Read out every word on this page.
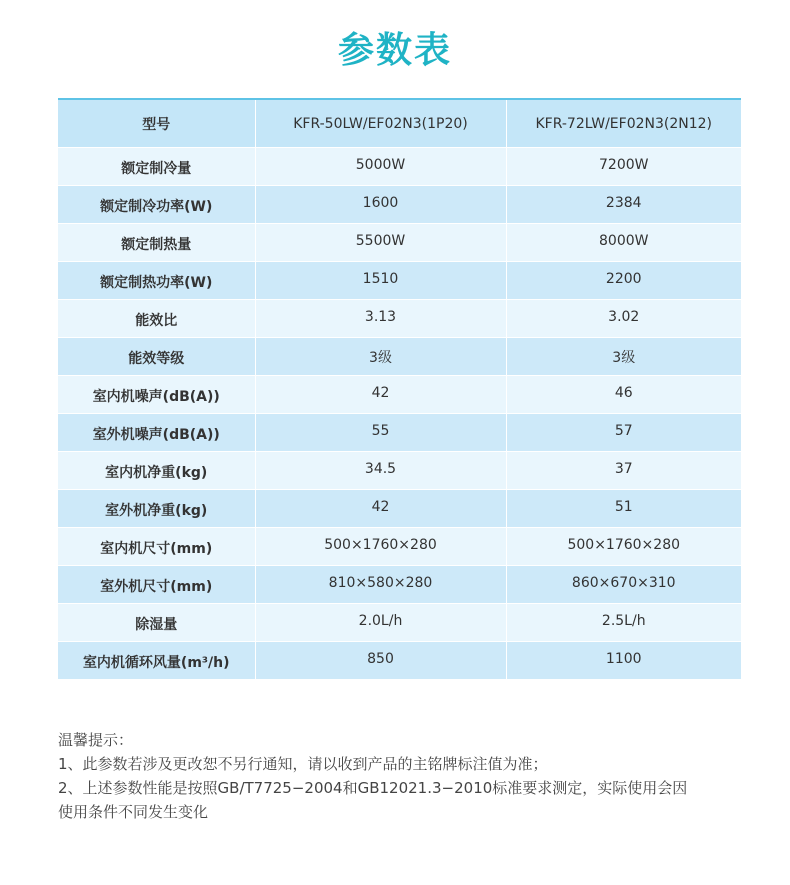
参数表
型号	KFR-50LW/EF02N3(1P20)	KFR-72LW/EF02N3(2N12)
额定制冷量	5000W	7200W
额定制冷功率(W)	1600	2384
额定制热量	5500W	8000W
额定制热功率(W)	1510	2200
能效比	3.13	3.02
能效等级	3级	3级
室内机噪声(dB(A))	42	46
室外机噪声(dB(A))	55	57
室内机净重(kg)	34.5	37
室外机净重(kg)	42	51
室内机尺寸(mm)	500×1760×280	500×1760×280
室外机尺寸(mm)	810×580×280	860×670×310
除湿量	2.0L/h	2.5L/h
室内机循环风量(m³/h)	850	1100
温馨提示：
1、此参数若涉及更改恕不另行通知，请以收到产品的主铭牌标注值为准；
2、上述参数性能是按照GB/T7725−2004和GB12021.3−2010标准要求测定，实际使用会因
使用条件不同发生变化
